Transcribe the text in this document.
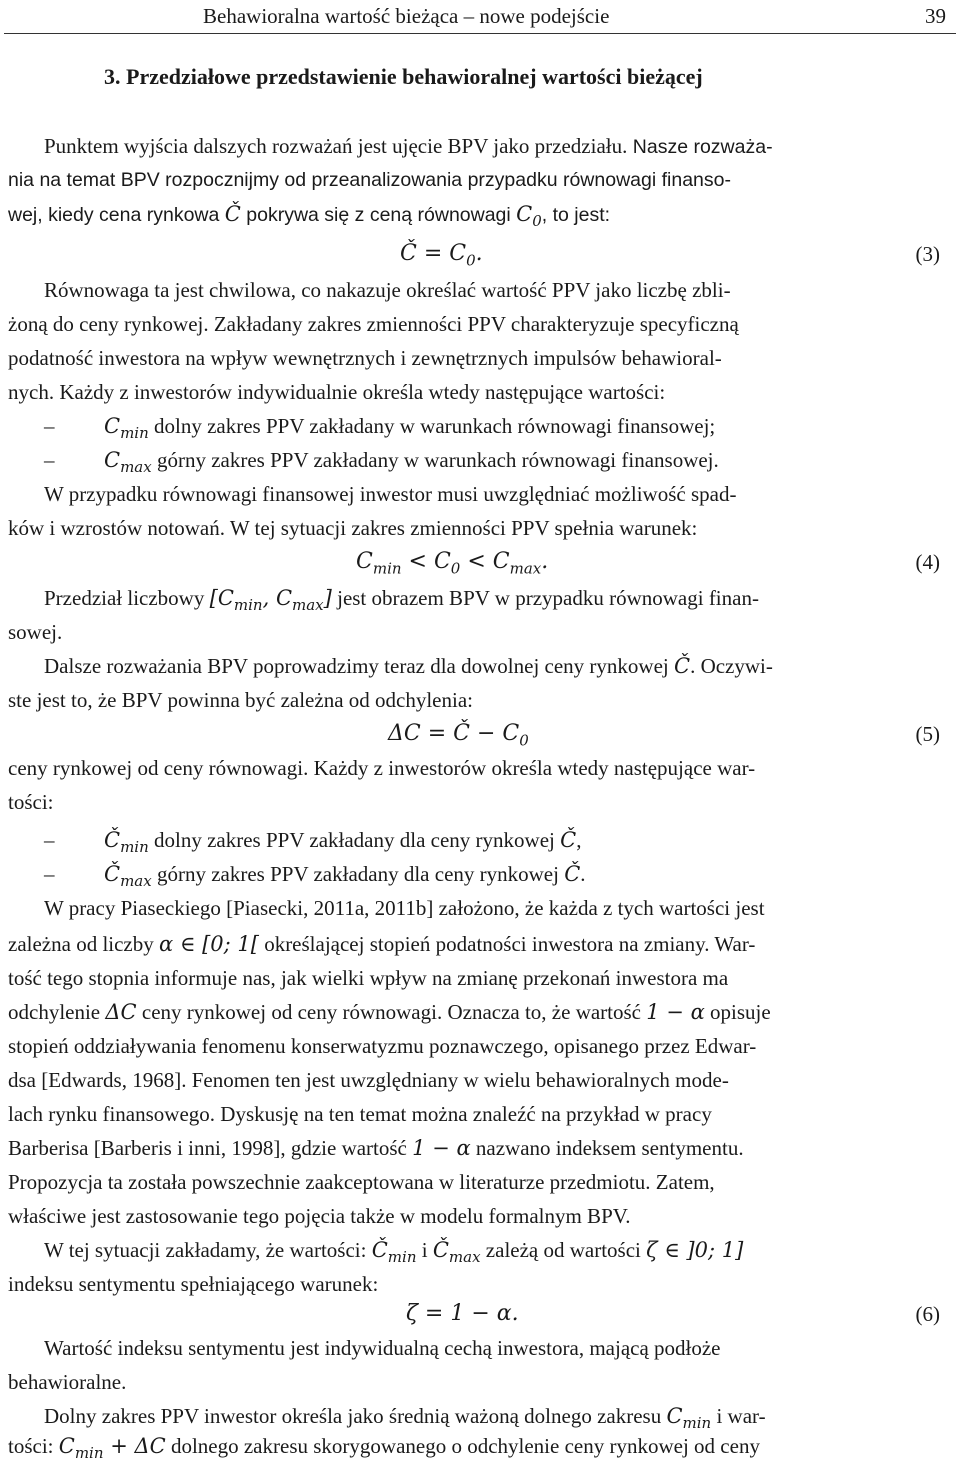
Behawioralna wartość bieżąca – nowe podejście	39
3. Przedziałowe przedstawienie behawioralnej wartości bieżącej
Punktem wyjścia dalszych rozważań jest ujęcie BPV jako przedziału. Nasze rozważa-
nia na temat BPV rozpocznijmy od przeanalizowania przypadku równowagi finanso-
wej, kiedy cena rynkowa Č pokrywa się z ceną równowagi $C_0$, to jest:
Č = $C_0$.	(3)
Równowaga ta jest chwilowa, co nakazuje określać wartość PPV jako liczbę zbli-
żoną do ceny rynkowej. Zakładany zakres zmienności PPV charakteryzuje specyficzną
podatność inwestora na wpływ wewnętrznych i zewnętrznych impulsów behawioral-
nych. Każdy z inwestorów indywidualnie określa wtedy następujące wartości:
– $C_{min}$ dolny zakres PPV zakładany w warunkach równowagi finansowej;
– $C_{max}$ górny zakres PPV zakładany w warunkach równowagi finansowej.
W przypadku równowagi finansowej inwestor musi uwzględniać możliwość spad-
ków i wzrostów notowań. W tej sytuacji zakres zmienności PPV spełnia warunek:
$C_{min} < C_0 < C_{max}$.	(4)
Przedział liczbowy [$C_{min}$, $C_{max}$] jest obrazem BPV w przypadku równowagi finan-
sowej.
Dalsze rozważania BPV poprowadzimy teraz dla dowolnej ceny rynkowej Č. Oczywi-
ste jest to, że BPV powinna być zależna od odchylenia:
ΔC = Č − $C_0$	(5)
ceny rynkowej od ceny równowagi. Każdy z inwestorów określa wtedy następujące war-
tości:
– $Č_{min}$ dolny zakres PPV zakładany dla ceny rynkowej Č,
– $Č_{max}$ górny zakres PPV zakładany dla ceny rynkowej Č.
W pracy Piaseckiego [Piasecki, 2011a, 2011b] założono, że każda z tych wartości jest
zależna od liczby α ∈ [0; 1[ określającej stopień podatności inwestora na zmiany. War-
tość tego stopnia informuje nas, jak wielki wpływ na zmianę przekonań inwestora ma
odchylenie ΔC ceny rynkowej od ceny równowagi. Oznacza to, że wartość 1 − α opisuje
stopień oddziaływania fenomenu konserwatyzmu poznawczego, opisanego przez Edwar-
dsa [Edwards, 1968]. Fenomen ten jest uwzględniany w wielu behawioralnych mode-
lach rynku finansowego. Dyskusję na ten temat można znaleźć na przykład w pracy
Barberisa [Barberis i inni, 1998], gdzie wartość 1 − α nazwano indeksem sentymentu.
Propozycja ta została powszechnie zaakceptowana w literaturze przedmiotu. Zatem,
właściwe jest zastosowanie tego pojęcia także w modelu formalnym BPV.
W tej sytuacji zakładamy, że wartości: $Č_{min}$ i $Č_{max}$ zależą od wartości ζ ∈ ]0; 1]
indeksu sentymentu spełniającego warunek:
ζ = 1 − α.	(6)
Wartość indeksu sentymentu jest indywidualną cechą inwestora, mającą podłoże
behawioralne.
Dolny zakres PPV inwestor określa jako średnią ważoną dolnego zakresu $C_{min}$ i war-
tości: $C_{min} + \Delta C$ dolnego zakresu skorygowanego o odchylenie ceny rynkowej od ceny
